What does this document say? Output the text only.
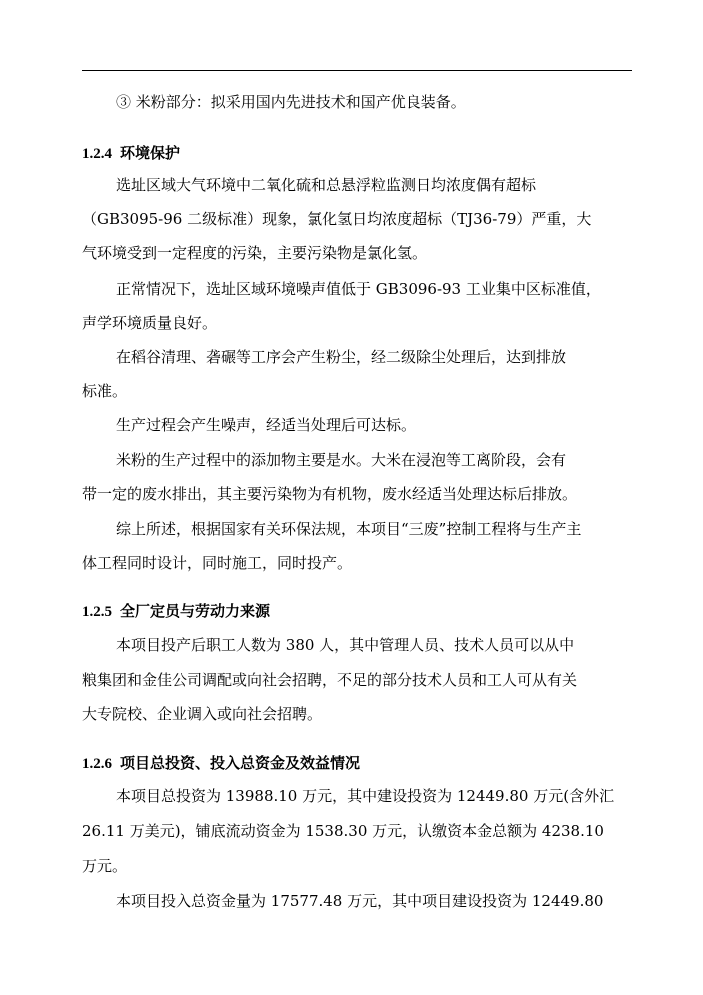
③ 米粉部分：拟采用国内先进技术和国产优良装备。
1.2.4 环境保护
选址区域大气环境中二氧化硫和总悬浮粒监测日均浓度偶有超标
（GB3095-96 二级标准）现象，氯化氢日均浓度超标（TJ36-79）严重，大
气环境受到一定程度的污染，主要污染物是氯化氢。
正常情况下，选址区域环境噪声值低于 GB3096-93 工业集中区标准值，
声学环境质量良好。
在稻谷清理、砻碾等工序会产生粉尘，经二级除尘处理后，达到排放
标准。
生产过程会产生噪声，经适当处理后可达标。
米粉的生产过程中的添加物主要是水。大米在浸泡等工离阶段，会有
带一定的废水排出，其主要污染物为有机物，废水经适当处理达标后排放。
综上所述，根据国家有关环保法规，本项目“三废”控制工程将与生产主
体工程同时设计，同时施工，同时投产。
1.2.5 全厂定员与劳动力来源
本项目投产后职工人数为 380 人，其中管理人员、技术人员可以从中
粮集团和金佳公司调配或向社会招聘，不足的部分技术人员和工人可从有关
大专院校、企业调入或向社会招聘。
1.2.6 项目总投资、投入总资金及效益情况
本项目总投资为 13988.10 万元，其中建设投资为 12449.80 万元(含外汇
26.11 万美元)，铺底流动资金为 1538.30 万元，认缴资本金总额为 4238.10
万元。
本项目投入总资金量为 17577.48 万元，其中项目建设投资为 12449.80
